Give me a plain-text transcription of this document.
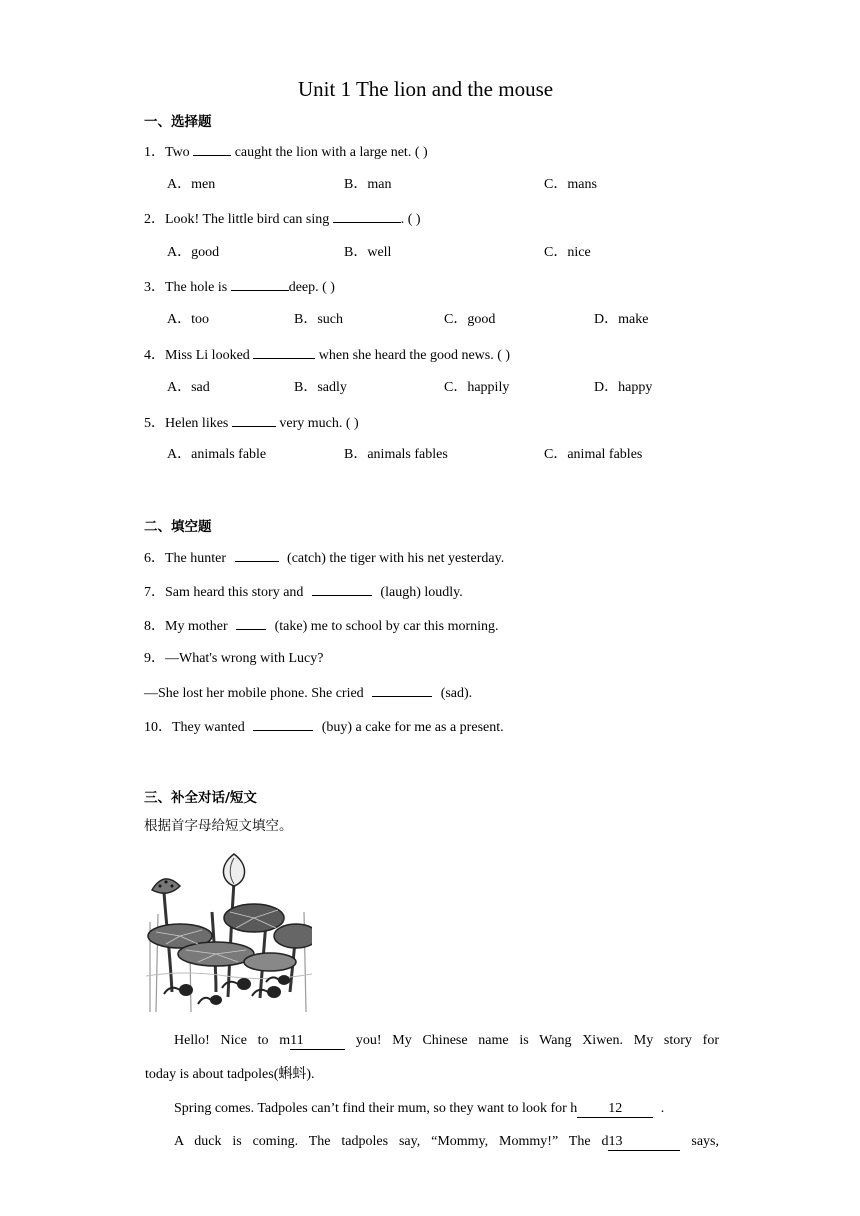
Unit 1 The lion and the mouse
一、选择题
1．Two	caught the lion with a large net. ( )
A．men	B．man	C．mans
2．Look! The little bird can sing	. ( )
A．good	B．well	C．nice
3．The hole is	deep. ( )
A．too	B．such	C．good	D．make
4．Miss Li looked	when she heard the good news. ( )
A．sad	B．sadly	C．happily	D．happy
5．Helen likes	very much. ( )
A．animals fable	B．animals fables	C．animal fables
二、填空题
6．The hunter	(catch) the tiger with his net yesterday.
7．Sam heard this story and	(laugh) loudly.
8．My mother	(take) me to school by car this morning.
9．—What's wrong with Lucy?
—She lost her mobile phone. She cried	(sad).
10．They wanted	(buy) a cake for me as a present.
三、补全对话/短文
根据首字母给短文填空。
Hello! Nice to m11	you! My Chinese name is Wang Xiwen. My story for
today is about tadpoles(蝌蚪).
Spring comes. Tadpoles can’t find their mum, so they want to look for h 12	.
A duck is coming. The tadpoles say, “Mommy, Mommy!” The d13	says,
